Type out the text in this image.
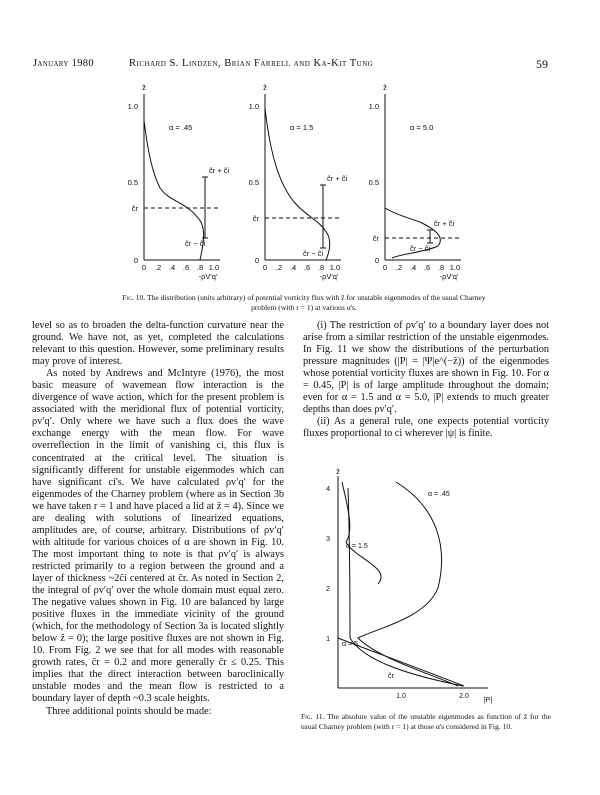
January 1980	Richard S. Lindzen, Brian Farrell and Ka-Kit Tung	59
z̃
0
0.5
1.0
0 .2 .4 .6 .8 1.0
-ρV'q'
α = .45
c̃r
c̃r + c̃i
c̃r − c̃i
z̃
0
0.5
1.0
0 .2 .4 .6 .8 1.0
-ρV'q'
α = 1.5
c̃r
c̃r + c̃i
c̃r − c̃i
z̃
0
0.5
1.0
0 .2 .4 .6 .8 1.0
-ρV'q'
α = 5.0
c̃r
c̃r + c̃i
c̃r − c̃i
Fig. 10. The distribution (units arbitrary) of potential vorticity flux with z̃ for unstable eigenmodes of the usual Charney problem (with r = 1) at various α's.

level so as to broaden the delta-function curvature near the ground. We have not, as yet, completed the calculations relevant to this question. However, some preliminary results may prove of interest.

As noted by Andrews and McIntyre (1976), the most basic measure of wavemean flow interaction is the divergence of wave action, which for the present problem is associated with the meridional flux of potential vorticity, ρv′q′. Only where we have such a flux does the wave exchange energy with the mean flow. For wave overreflection in the limit of vanishing ci, this flux is concentrated at the critical level. The situation is significantly different for unstable eigenmodes which can have significant ci's. We have calculated ρv′q′ for the eigenmodes of the Charney problem (where as in Section 3b we have taken r = 1 and have placed a lid at z̃ = 4). Since we are dealing with solutions of linearized equations, amplitudes are, of course, arbitrary. Distributions of ρv′q′ with altitude for various choices of α are shown in Fig. 10. The most important thing to note is that ρv′q′ is always restricted primarily to a region between the ground and a layer of thickness ~2ĉi centered at ĉr. As noted in Section 2, the integral of ρv′q′ over the whole domain must equal zero. The negative values shown in Fig. 10 are balanced by large positive fluxes in the immediate vicinity of the ground (which, for the methodology of Section 3a is located slightly below z̃ = 0); the large positive fluxes are not shown in Fig. 10. From Fig. 2 we see that for all modes with reasonable growth rates, ĉr = 0.2 and more generally ĉr ≤ 0.25. This implies that the direct interaction between baroclinically unstable modes and the mean flow is restricted to a boundary layer of depth ~0.3 scale heights.

Three additional points should be made:

(i) The restriction of ρv′q′ to a boundary layer does not arise from a similar restriction of the unstable eigenmodes. In Fig. 11 we show the distributions of the perturbation pressure magnitudes (|P| = |Ψ|e^(−z̃)) of the eigenmodes whose potential vorticity fluxes are shown in Fig. 10. For α = 0.45, |P| is of large amplitude throughout the domain; even for α = 1.5 and α = 5.0, |P| extends to much greater depths than does ρv′q′.

(ii) As a general rule, one expects potential vorticity fluxes proportional to ci wherever |ψ| is finite.

z̃
1
2
3
4
1.0	2.0
|P|
α = .45
α = 1.5
α = 5.
c̃r
Fig. 11. The absolute value of the unstable eigenmodes as function of z̃ for the usual Charney problem (with r = 1) at those α's considered in Fig. 10.
